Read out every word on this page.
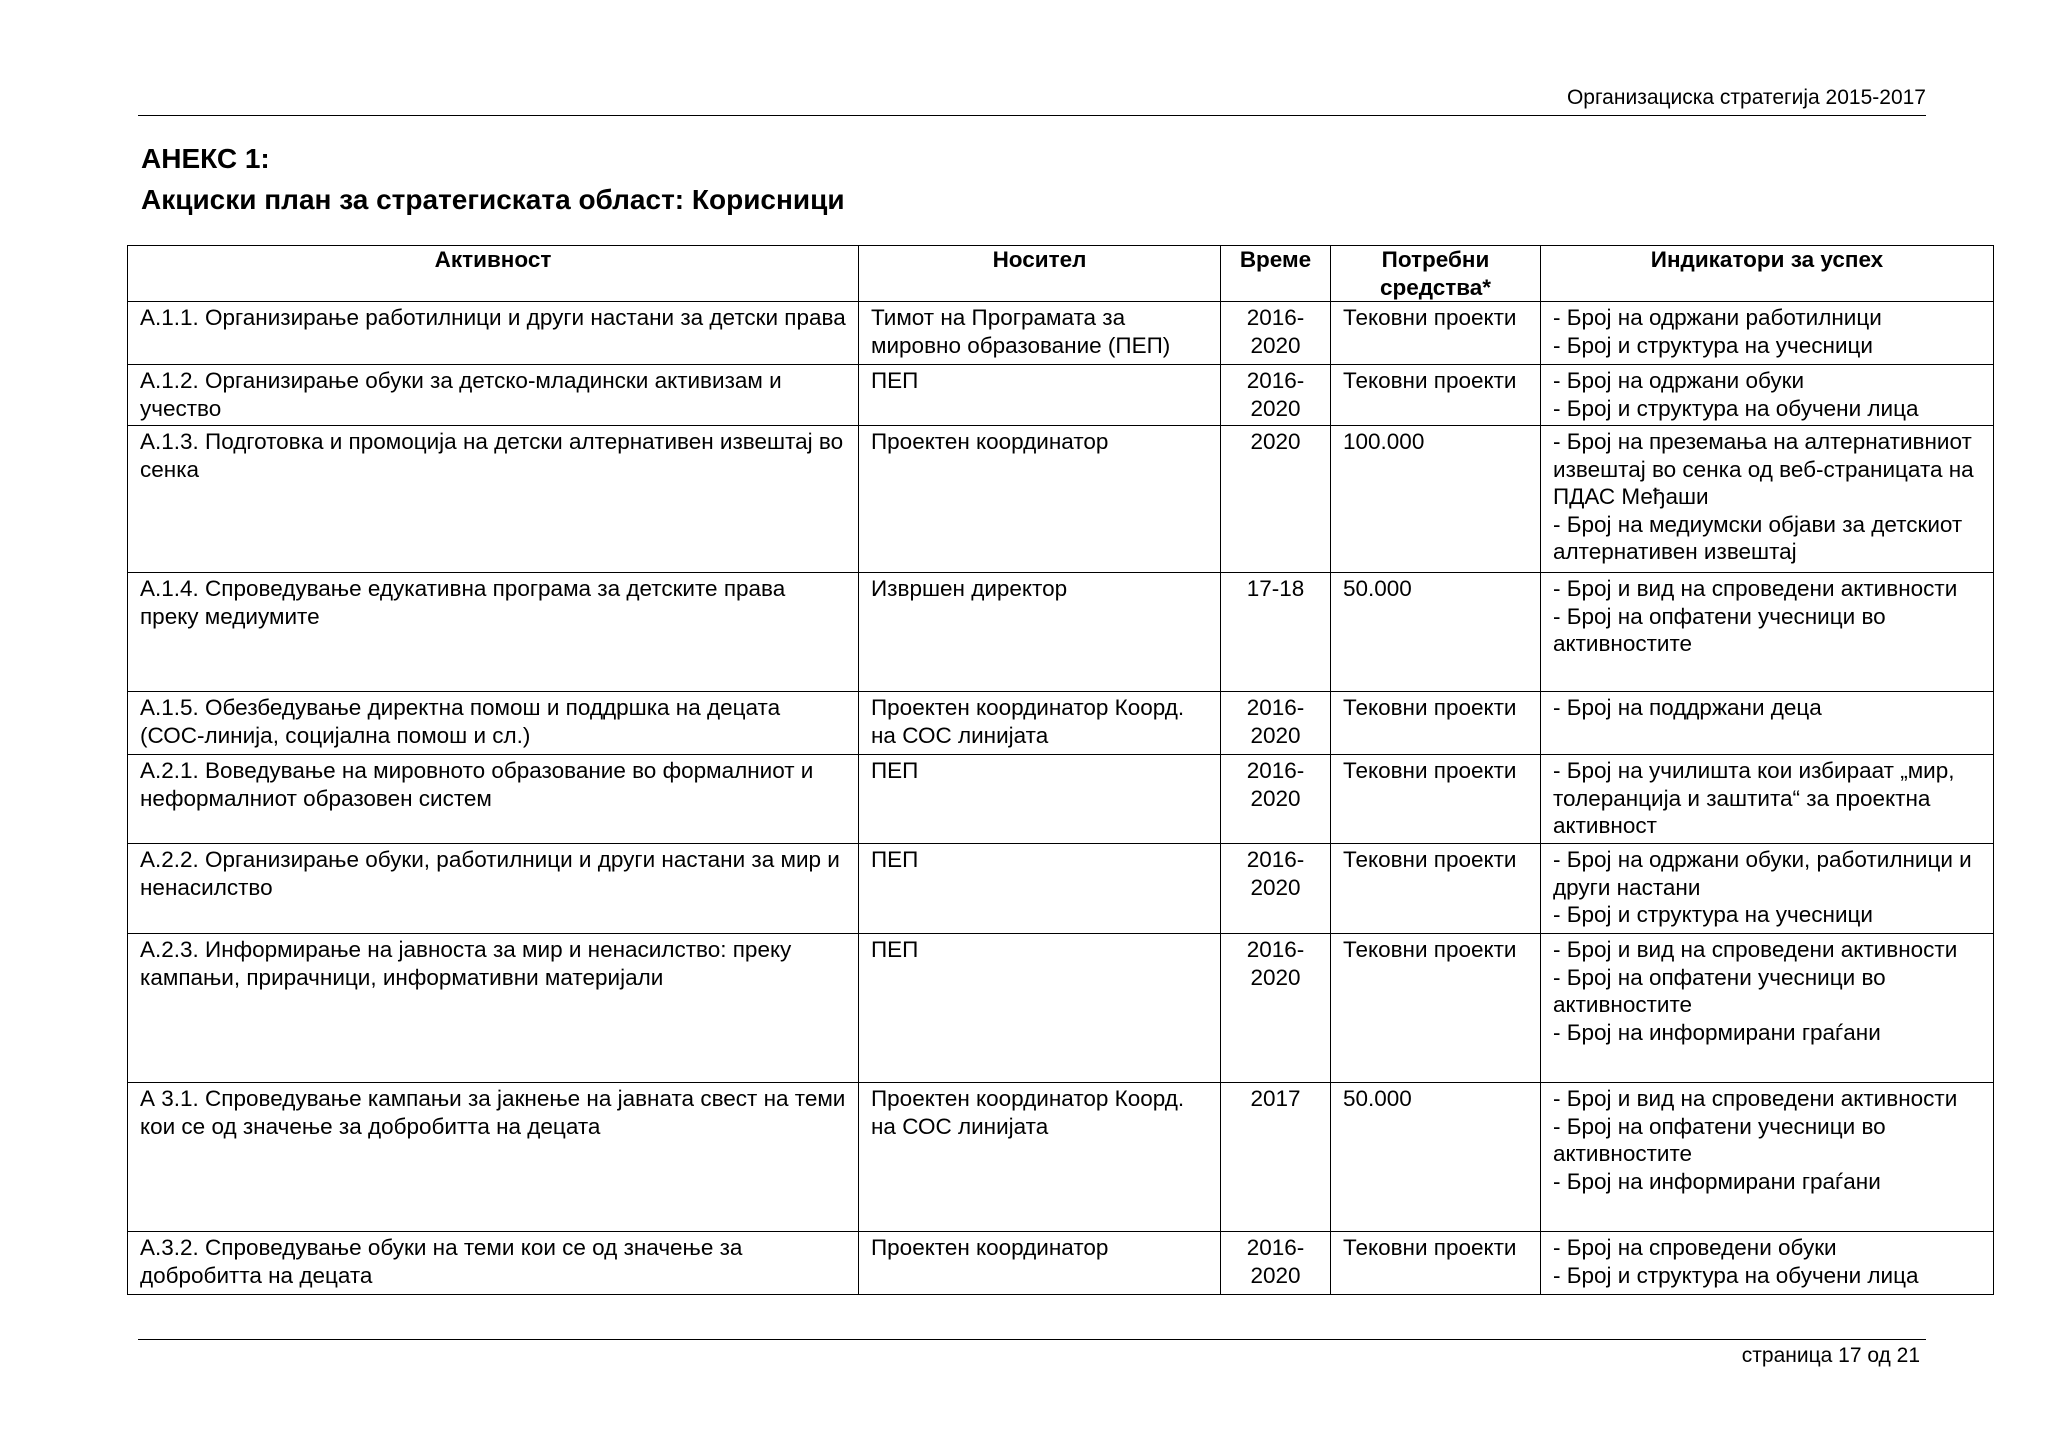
Организациска стратегија 2015-2017
АНЕКС 1:
Акциски план за стратегиската област: Корисници
Активност	Носител	Време	Потребни средства*	Индикатори за успех
А.1.1. Организирање работилници и други настани за детски права	Тимот на Програмата за мировно образование (ПЕП)	2016-2020	Тековни проекти	- Број на одржани работилници
- Број и структура на учесници

А.1.2. Организирање обуки за детско-младински активизам и учество	ПЕП	2016-2020	Тековни проекти	- Број на одржани обуки
- Број и структура на обучени лица

А.1.3. Подготовка и промоција на детски алтернативен извештај во сенка	Проектен координатор	2020	100.000	- Број на преземања на алтернативниот извештај во сенка од веб-страницата на ПДАС Међаши
- Број на медиумски објави за детскиот алтернативен извештај

А.1.4. Спроведување едукативна програма за детските права преку медиумите	Извршен директор	17-18	50.000	- Број и вид на спроведени активности
- Број на опфатени учесници во активностите

А.1.5. Обезбедување директна помош и поддршка на децата (СОС-линија, социјална помош и сл.)	Проектен координатор Коорд. на СОС линијата	2016-2020	Тековни проекти	- Број на поддржани деца

А.2.1. Воведување на мировното образование во формалниот и неформалниот образовен систем	ПЕП	2016-2020	Тековни проекти	- Број на училишта кои избираат „мир, толеранција и заштита“ за проектна активност

А.2.2. Организирање обуки, работилници и други настани за мир и ненасилство	ПЕП	2016-2020	Тековни проекти	- Број на одржани обуки, работилници и други настани
- Број и структура на учесници

А.2.3. Информирање на јавноста за мир и ненасилство: преку кампањи, прирачници, информативни материјали	ПЕП	2016-2020	Тековни проекти	- Број и вид на спроведени активности
- Број на опфатени учесници во активностите
- Број на информирани граѓани

А 3.1. Спроведување кампањи за јакнење на јавната свест на теми кои се од значење за добробитта на децата	Проектен координатор Коорд. на СОС линијата	2017	50.000	- Број и вид на спроведени активности
- Број на опфатени учесници во активностите
- Број на информирани граѓани

А.3.2. Спроведување обуки на теми кои се од значење за добробитта на децата	Проектен координатор	2016-2020	Тековни проекти	- Број на спроведени обуки
- Број и структура на обучени лица
страница 17 од 21
